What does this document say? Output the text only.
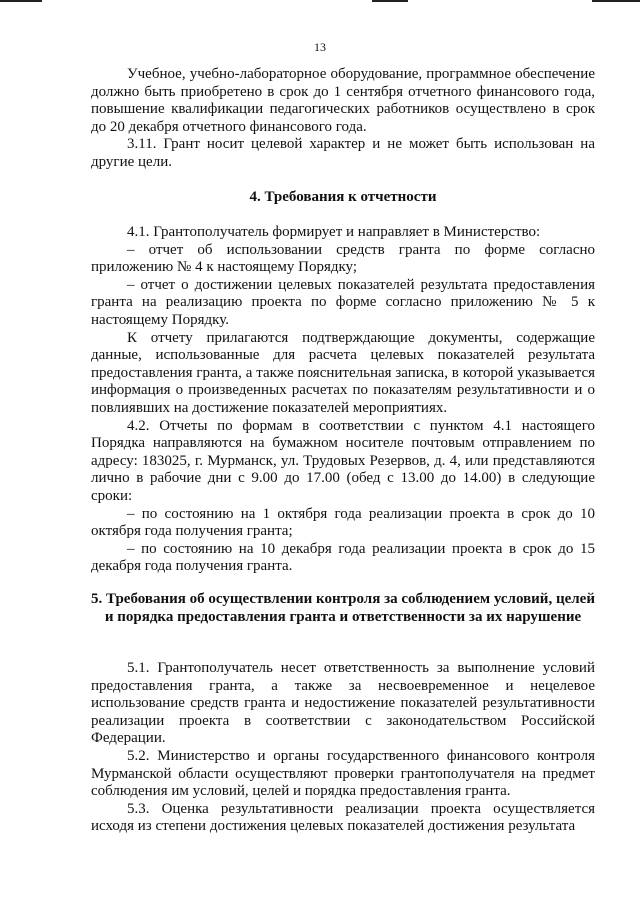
13

Учебное, учебно-лабораторное оборудование, программное обеспечение должно быть приобретено в срок до 1 сентября отчетного финансового года, повышение квалификации педагогических работников осуществлено в срок до 20 декабря отчетного финансового года.

3.11. Грант носит целевой характер и не может быть использован на другие цели.

4. Требования к отчетности

4.1. Грантополучатель формирует и направляет в Министерство:

– отчет об использовании средств гранта по форме согласно приложению № 4 к настоящему Порядку;

– отчет о достижении целевых показателей результата предоставления гранта на реализацию проекта по форме согласно приложению № 5 к настоящему Порядку.

К отчету прилагаются подтверждающие документы, содержащие данные, использованные для расчета целевых показателей результата предоставления гранта, а также пояснительная записка, в которой указывается информация о произведенных расчетах по показателям результативности и о повлиявших на достижение показателей мероприятиях.

4.2. Отчеты по формам в соответствии с пунктом 4.1 настоящего Порядка направляются на бумажном носителе почтовым отправлением по адресу: 183025, г. Мурманск, ул. Трудовых Резервов, д. 4, или представляются лично в рабочие дни с 9.00 до 17.00 (обед с 13.00 до 14.00) в следующие сроки:

– по состоянию на 1 октября года реализации проекта в срок до 10 октября года получения гранта;

– по состоянию на 10 декабря года реализации проекта в срок до 15 декабря года получения гранта.

5. Требования об осуществлении контроля за соблюдением условий, целей и порядка предоставления гранта и ответственности за их нарушение

5.1. Грантополучатель несет ответственность за выполнение условий предоставления гранта, а также за несвоевременное и нецелевое использование средств гранта и недостижение показателей результативности реализации проекта в соответствии с законодательством Российской Федерации.

5.2. Министерство и органы государственного финансового контроля Мурманской области осуществляют проверки грантополучателя на предмет соблюдения им условий, целей и порядка предоставления гранта.

5.3. Оценка результативности реализации проекта осуществляется исходя из степени достижения целевых показателей достижения результата
